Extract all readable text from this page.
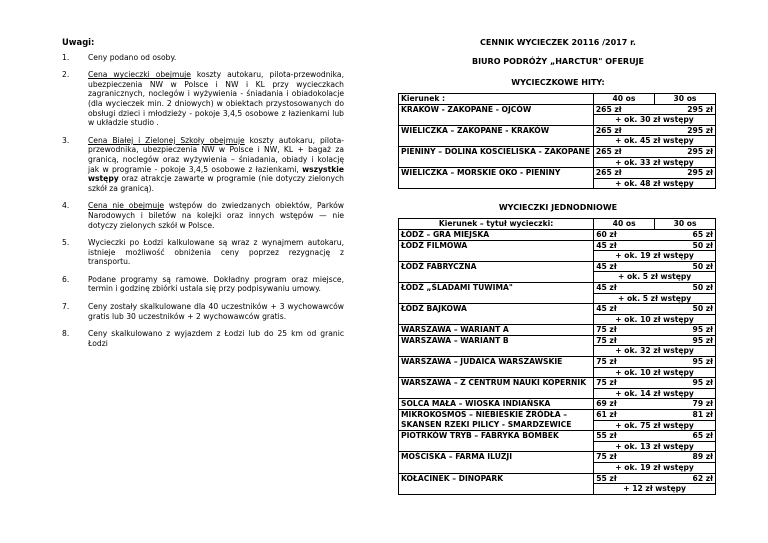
Uwagi:
1.	Ceny podano od osoby.
2.	Cena wycieczki obejmuje koszty autokaru, pilota-przewodnika, ubezpieczenia NW w Polsce i NW i KL przy wycieczkach zagranicznych, noclegów i wyżywienia - śniadania i obiadokolacje (dla wycieczek min. 2 dniowych) w obiektach przystosowanych do obsługi dzieci i młodzieży - pokoje 3,4,5 osobowe z łazienkami lub w układzie studio .
3.	Cena Białej i Zielonej Szkoły obejmuje koszty autokaru, pilota-przewodnika, ubezpieczenia NW w Polsce i NW, KL + bagaż za granicą, noclegów oraz wyżywienia – śniadania, obiady i kolację jak w programie - pokoje 3,4,5 osobowe z łazienkami, wszystkie wstępy oraz atrakcje zawarte w programie (nie dotyczy zielonych szkół za granicą).
4.	Cena nie obejmuje wstępów do zwiedzanych obiektów, Parków Narodowych i biletów na kolejki oraz innych wstępów — nie dotyczy zielonych szkół w Polsce.
5.	Wycieczki po Łodzi kalkulowane są wraz z wynajmem autokaru, istnieje możliwość obniżenia ceny poprzez rezygnację z transportu.
6.	Podane programy są ramowe. Dokładny program oraz miejsce, termin i godzinę zbiórki ustala się przy podpisywaniu umowy.
7.	Ceny zostały skalkulowane dla 40 uczestników + 3 wychowawców gratis lub 30 uczestników + 2 wychowawców gratis.
8.	Ceny skalkulowano z wyjazdem z Łodzi lub do 25 km od granic Łodzi
CENNIK WYCIECZEK 20116 /2017 r.
BIURO PODRÓŻY „HARCTUR" OFERUJE
WYCIECZKOWE HITY:
Kierunek :	40 os	30 os
KRAKÓW - ZAKOPANE - OJCÓW	265 zł 295 zł
+ ok. 30 zł wstępy	

WIELICZKA – ZAKOPANE - KRAKÓW	265 zł 295 zł
+ ok. 45 zł wstępy	

PIENINY – DOLINA KOSCIELISKA - ZAKOPANE	265 zł 295 zł
+ ok. 33 zł wstępy	

WIELICZKA – MORSKIE OKO - PIENINY	265 zł 295 zł
+ ok. 48 zł wstępy	
WYCIECZKI JEDNODNIOWE
Kierunek – tytuł wycieczki:	40 os	30 os
ŁÓDŹ – GRA MIEJSKA	60 zł 65 zł	

ŁÓDŹ FILMOWA	45 zł 50 zł
+ ok. 19 zł wstępy	

ŁÓDŹ FABRYCZNA	45 zł 50 zł
+ ok. 5 zł wstępy	

ŁÓDŹ „ŚLADAMI TUWIMA"	45 zł 50 zł
+ ok. 5 zł wstępy	

ŁÓDŹ BAJKOWA	45 zł 50 zł
+ ok. 10 zł wstępy	

WARSZAWA – WARIANT A	75 zł 95 zł	

WARSZAWA – WARIANT B	75 zł 95 zł
+ ok. 32 zł wstępy	

WARSZAWA – JUDAICA WARSZAWSKIE	75 zł 95 zł
+ ok. 10 zł wstępy	

WARSZAWA – Z CENTRUM NAUKI KOPERNIK	75 zł 95 zł
+ ok. 14 zł wstępy	

SOLCA MAŁA – WIOSKA INDIAŃSKA	69 zł 79 zł	

MIKROKOSMOS – NIEBIESKIE ŹRÓDŁA – SKANSEN RZEKI PILICY - SMARDZEWICE	61 zł 81 zł
+ ok. 75 zł wstępy	

PIOTRKÓW TRYB – FABRYKA BOMBEK	55 zł 65 zł
+ ok. 13 zł wstępy	

MOŚCISKA – FARMA ILUZJI	75 zł 89 zł
+ ok. 19 zł wstępy	

KOŁACINEK – DINOPARK	55 zł 62 zł
+ 12 zł wstępy	
